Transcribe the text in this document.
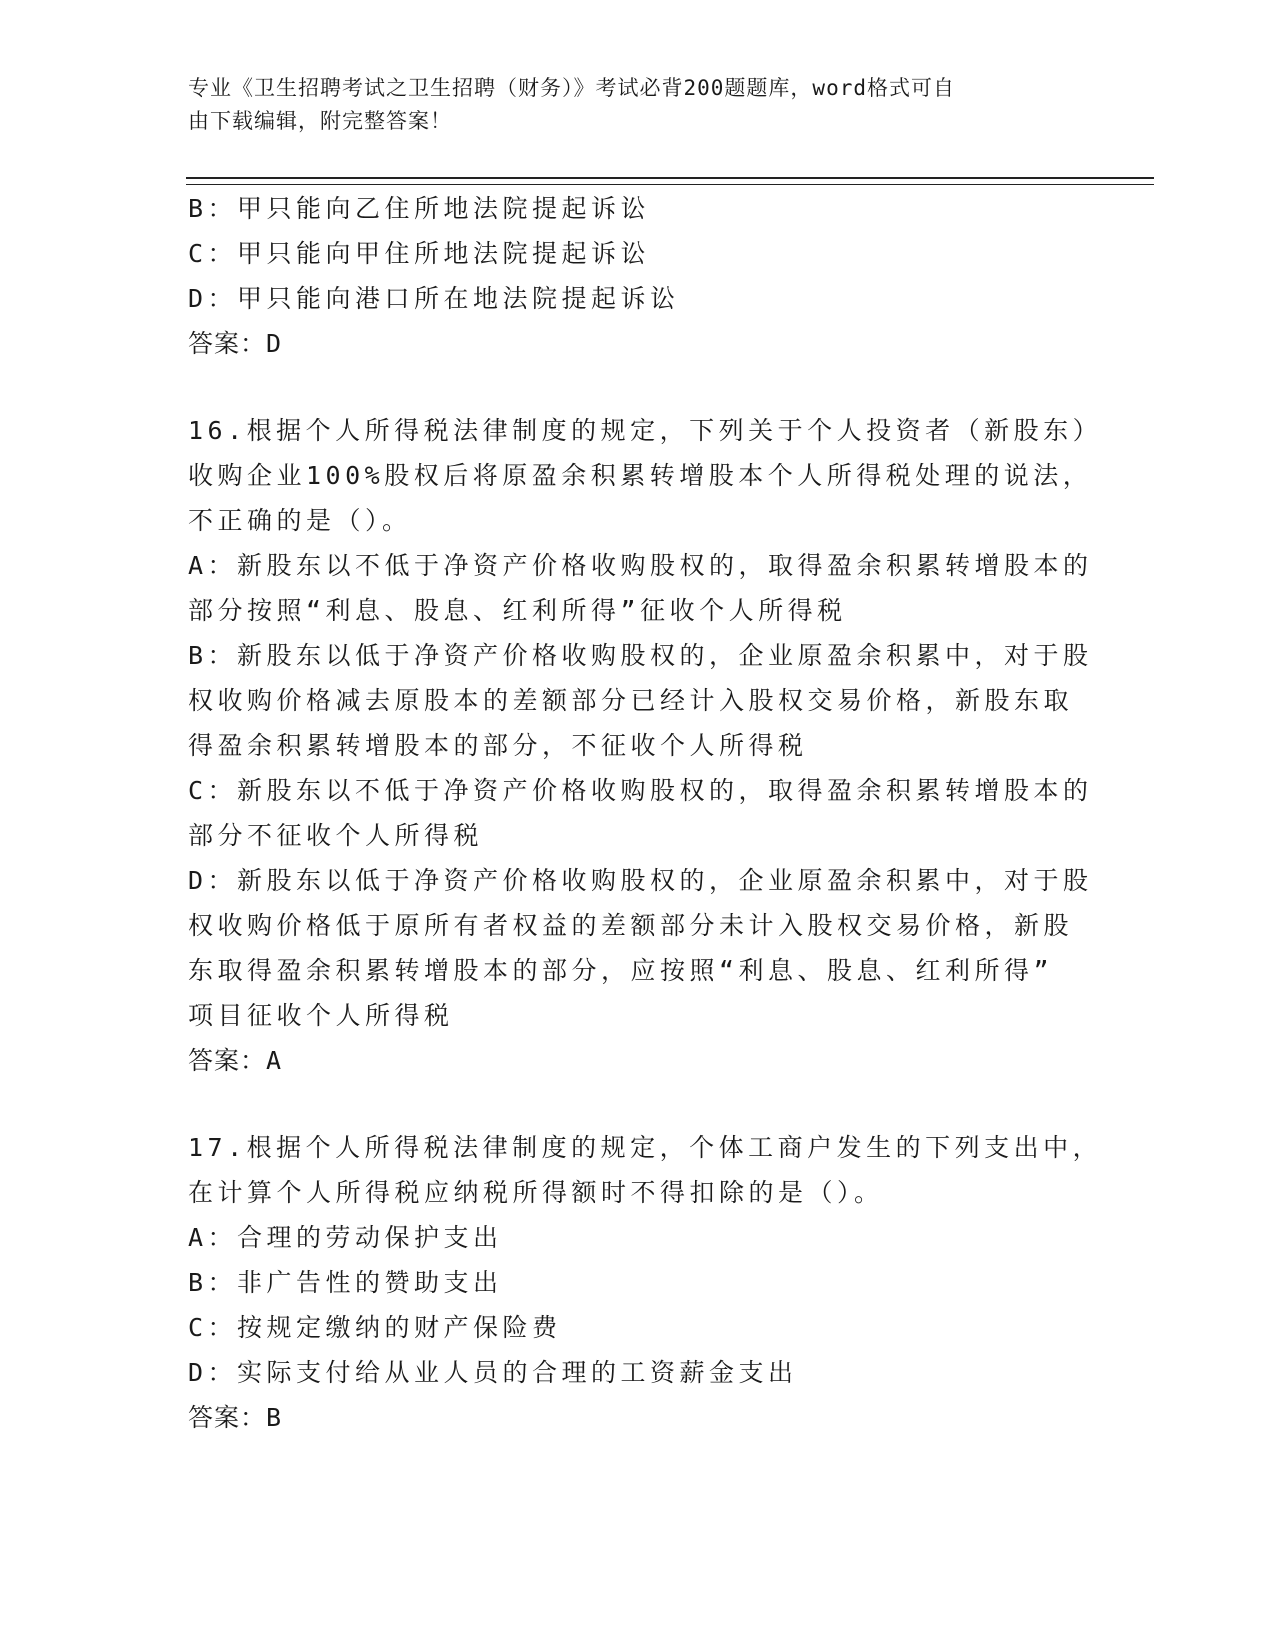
专业《卫生招聘考试之卫生招聘（财务）》考试必背200题题库，word格式可自
由下载编辑，附完整答案！
B：甲只能向乙住所地法院提起诉讼
C：甲只能向甲住所地法院提起诉讼
D：甲只能向港口所在地法院提起诉讼
答案：D
16.根据个人所得税法律制度的规定，下列关于个人投资者（新股东）
收购企业100%股权后将原盈余积累转增股本个人所得税处理的说法，
不正确的是（）。
A：新股东以不低于净资产价格收购股权的，取得盈余积累转增股本的
部分按照“利息、股息、红利所得”征收个人所得税
B：新股东以低于净资产价格收购股权的，企业原盈余积累中，对于股
权收购价格减去原股本的差额部分已经计入股权交易价格，新股东取
得盈余积累转增股本的部分，不征收个人所得税
C：新股东以不低于净资产价格收购股权的，取得盈余积累转增股本的
部分不征收个人所得税
D：新股东以低于净资产价格收购股权的，企业原盈余积累中，对于股
权收购价格低于原所有者权益的差额部分未计入股权交易价格，新股
东取得盈余积累转增股本的部分，应按照“利息、股息、红利所得”
项目征收个人所得税
答案：A
17.根据个人所得税法律制度的规定，个体工商户发生的下列支出中，
在计算个人所得税应纳税所得额时不得扣除的是（）。
A：合理的劳动保护支出
B：非广告性的赞助支出
C：按规定缴纳的财产保险费
D：实际支付给从业人员的合理的工资薪金支出
答案：B
